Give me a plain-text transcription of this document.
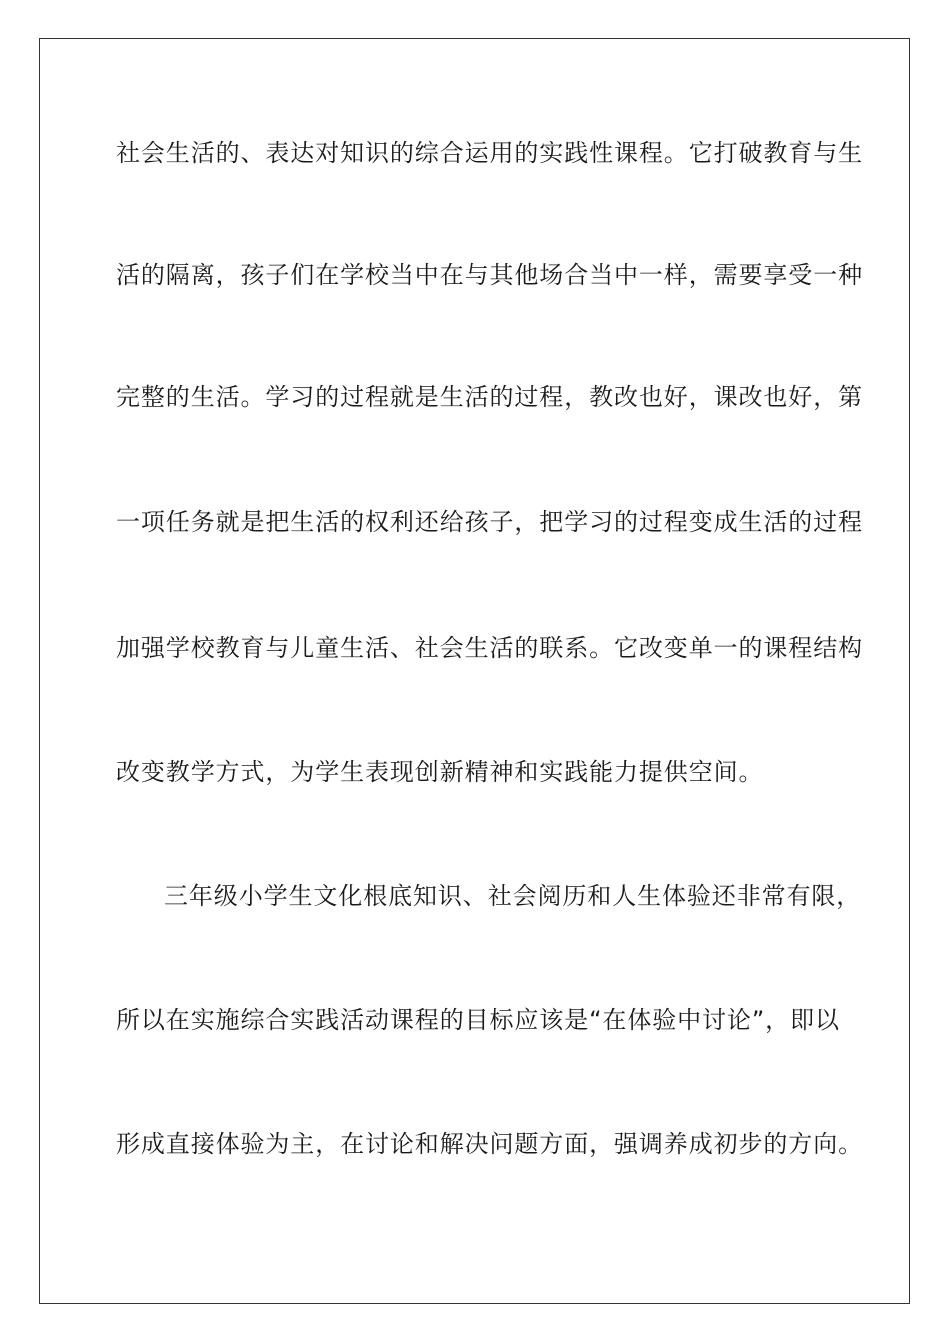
社会生活的、表达对知识的综合运用的实践性课程。它打破教育与生
活的隔离，孩子们在学校当中在与其他场合当中一样，需要享受一种
完整的生活。学习的过程就是生活的过程，教改也好，课改也好，第
一项任务就是把生活的权利还给孩子，把学习的过程变成生活的过程
加强学校教育与儿童生活、社会生活的联系。它改变单一的课程结构
改变教学方式，为学生表现创新精神和实践能力提供空间。
三年级小学生文化根底知识、社会阅历和人生体验还非常有限，
所以在实施综合实践活动课程的目标应该是“在体验中讨论”，即以
形成直接体验为主，在讨论和解决问题方面，强调养成初步的方向。
